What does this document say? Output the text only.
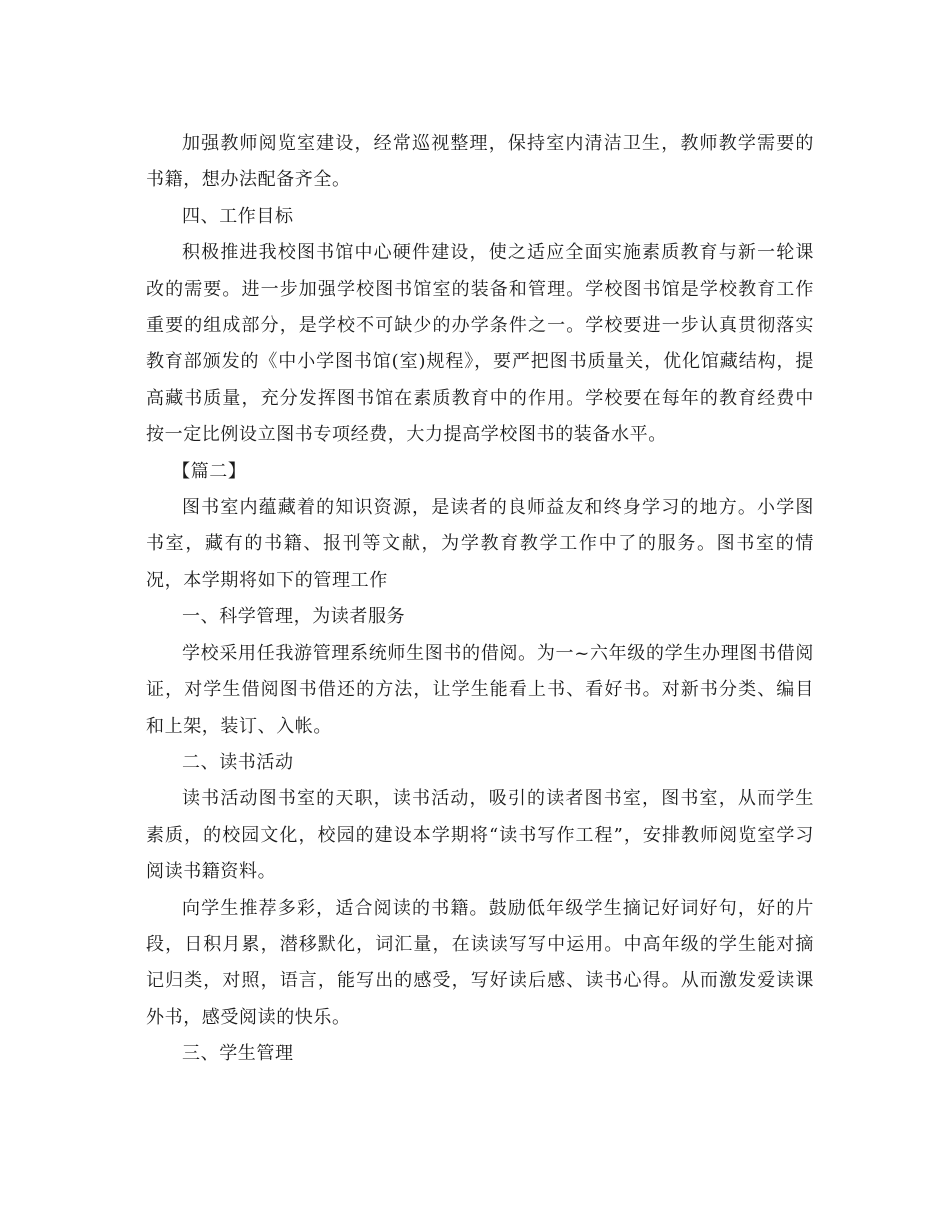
加强教师阅览室建设，经常巡视整理，保持室内清洁卫生，教师教学需要的书籍，想办法配备齐全。

四、工作目标

积极推进我校图书馆中心硬件建设，使之适应全面实施素质教育与新一轮课改的需要。进一步加强学校图书馆室的装备和管理。学校图书馆是学校教育工作重要的组成部分，是学校不可缺少的办学条件之一。学校要进一步认真贯彻落实教育部颁发的《中小学图书馆(室)规程》，要严把图书质量关，优化馆藏结构，提高藏书质量，充分发挥图书馆在素质教育中的作用。学校要在每年的教育经费中按一定比例设立图书专项经费，大力提高学校图书的装备水平。

【篇二】

图书室内蕴藏着的知识资源，是读者的良师益友和终身学习的地方。小学图书室，藏有的书籍、报刊等文献，为学教育教学工作中了的服务。图书室的情况，本学期将如下的管理工作

一、科学管理，为读者服务

学校采用任我游管理系统师生图书的借阅。为一~六年级的学生办理图书借阅证，对学生借阅图书借还的方法，让学生能看上书、看好书。对新书分类、编目和上架，装订、入帐。

二、读书活动

读书活动图书室的天职，读书活动，吸引的读者图书室，图书室，从而学生素质，的校园文化，校园的建设本学期将“读书写作工程”，安排教师阅览室学习阅读书籍资料。

向学生推荐多彩，适合阅读的书籍。鼓励低年级学生摘记好词好句，好的片段，日积月累，潜移默化，词汇量，在读读写写中运用。中高年级的学生能对摘记归类，对照，语言，能写出的感受，写好读后感、读书心得。从而激发爱读课外书，感受阅读的快乐。

三、学生管理
